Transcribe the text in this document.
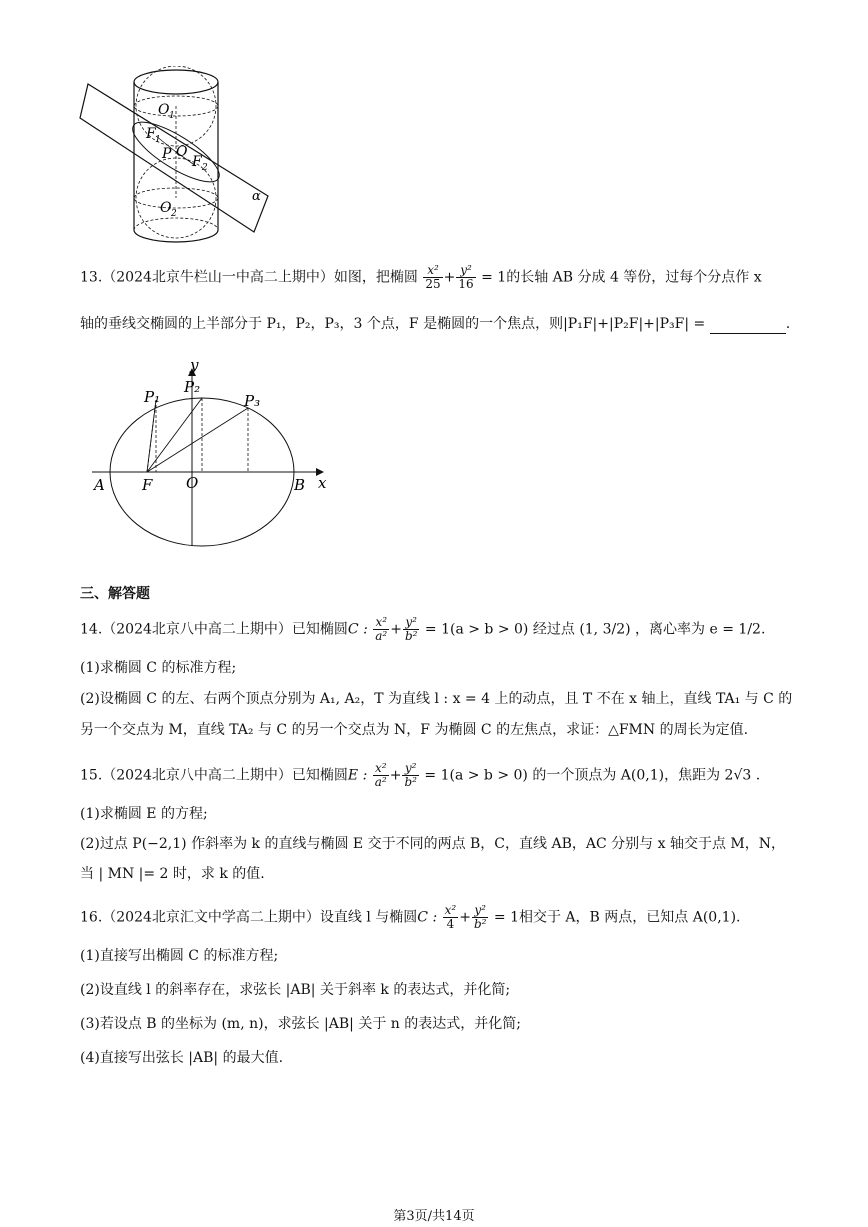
O 1
F 1
P O
F 2
O 2
α
13.（2024北京牛栏山一中高二上期中）如图，把椭圆 $\frac{\text{x²}}{25} + \frac{\text{y²}}{16} = 1$的长轴 AB 分成 4 等份，过每个分点作 x
轴的垂线交椭圆的上半部分于 P₁，P₂，P₃，3 个点，F 是椭圆的一个焦点，则|P₁F|+|P₂F|+|P₃F| =	.
y
P₁
P₂
P₃
A F O	B x
三、解答题
14.（2024北京八中高二上期中）已知椭圆C : $\frac{\text{x²}}{\text{a²}} + \frac{\text{y²}}{\text{b²}} = 1(a > b > 0)$ 经过点 (1, 3/2) ，离心率为 e = 1/2.
(1)求椭圆 C 的标准方程;
(2)设椭圆 C 的左、右两个顶点分别为 A₁, A₂，T 为直线 l : x = 4 上的动点，且 T 不在 x 轴上，直线 TA₁ 与 C 的
另一个交点为 M，直线 TA₂ 与 C 的另一个交点为 N，F 为椭圆 C 的左焦点，求证：△FMN 的周长为定值.
15.（2024北京八中高二上期中）已知椭圆E : $\frac{\text{x²}}{\text{a²}} + \frac{\text{y²}}{\text{b²}} = 1(a > b > 0)$ 的一个顶点为 A(0,1)，焦距为 2√3 .
(1)求椭圆 E 的方程;
(2)过点 P(−2,1) 作斜率为 k 的直线与椭圆 E 交于不同的两点 B，C，直线 AB，AC 分别与 x 轴交于点 M，N，
当 | MN |= 2 时，求 k 的值.
16.（2024北京汇文中学高二上期中）设直线 l 与椭圆C : $\frac{\text{x²}}{4} + \frac{\text{y²}}{\text{b²}} = 1$相交于 A，B 两点，已知点 A(0,1).
(1)直接写出椭圆 C 的标准方程;
(2)设直线 l 的斜率存在，求弦长 |AB| 关于斜率 k 的表达式，并化简;
(3)若设点 B 的坐标为 (m, n)，求弦长 |AB| 关于 n 的表达式，并化简;
(4)直接写出弦长 |AB| 的最大值.
第3页/共14页
